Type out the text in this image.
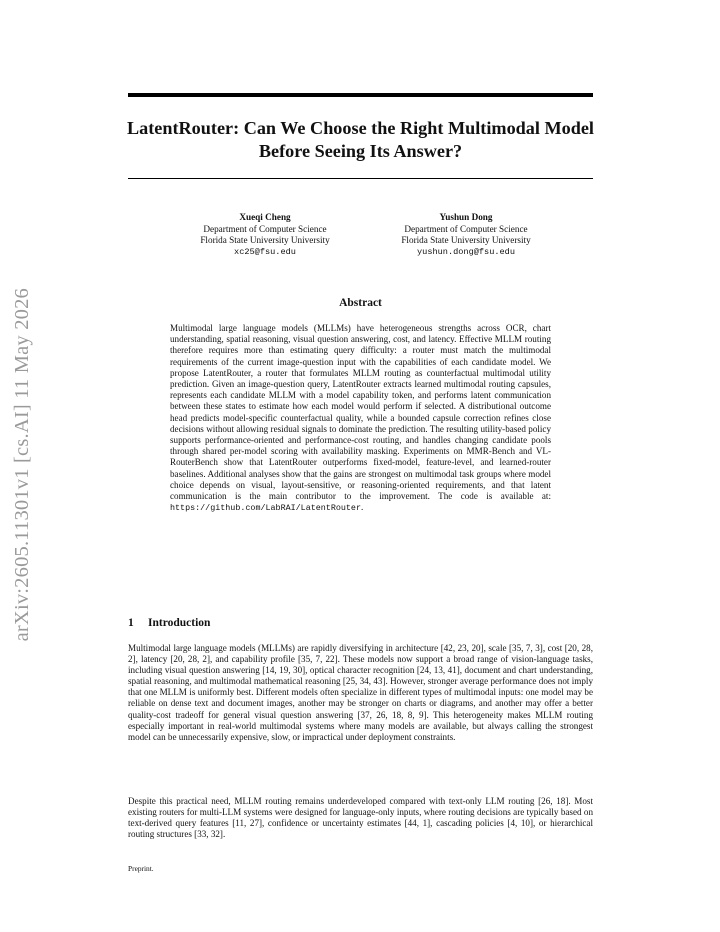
arXiv:2605.11301v1 [cs.AI] 11 May 2026
LatentRouter: Can We Choose the Right Multimodal Model Before Seeing Its Answer?
Xueqi Cheng
Department of Computer Science
Florida State University University
xc25@fsu.edu
Yushun Dong
Department of Computer Science
Florida State University University
yushun.dong@fsu.edu
Abstract

Multimodal large language models (MLLMs) have heterogeneous strengths across OCR, chart understanding, spatial reasoning, visual question answering, cost, and latency. Effective MLLM routing therefore requires more than estimating query difficulty: a router must match the multimodal requirements of the current image-question input with the capabilities of each candidate model. We propose LatentRouter, a router that formulates MLLM routing as counterfactual multimodal utility prediction. Given an image-question query, LatentRouter extracts learned multimodal routing capsules, represents each candidate MLLM with a model capability token, and performs latent communication between these states to estimate how each model would perform if selected. A distributional outcome head predicts model-specific counterfactual quality, while a bounded capsule correction refines close decisions without allowing residual signals to dominate the prediction. The resulting utility-based policy supports performance-oriented and performance-cost routing, and handles changing candidate pools through shared per-model scoring with availability masking. Experiments on MMR-Bench and VL-RouterBench show that LatentRouter outperforms fixed-model, feature-level, and learned-router baselines. Additional analyses show that the gains are strongest on multimodal task groups where model choice depends on visual, layout-sensitive, or reasoning-oriented requirements, and that latent communication is the main contributor to the improvement. The code is available at: https://github.com/LabRAI/LatentRouter.

1 Introduction

Multimodal large language models (MLLMs) are rapidly diversifying in architecture [42, 23, 20], scale [35, 7, 3], cost [20, 28, 2], latency [20, 28, 2], and capability profile [35, 7, 22]. These models now support a broad range of vision-language tasks, including visual question answering [14, 19, 30], optical character recognition [24, 13, 41], document and chart understanding, spatial reasoning, and multimodal mathematical reasoning [25, 34, 43]. However, stronger average performance does not imply that one MLLM is uniformly best. Different models often specialize in different types of multimodal inputs: one model may be reliable on dense text and document images, another may be stronger on charts or diagrams, and another may offer a better quality-cost tradeoff for general visual question answering [37, 26, 18, 8, 9]. This heterogeneity makes MLLM routing especially important in real-world multimodal systems where many models are available, but always calling the strongest model can be unnecessarily expensive, slow, or impractical under deployment constraints.

Despite this practical need, MLLM routing remains underdeveloped compared with text-only LLM routing [26, 18]. Most existing routers for multi-LLM systems were designed for language-only inputs, where routing decisions are typically based on text-derived query features [11, 27], confidence or uncertainty estimates [44, 1], cascading policies [4, 10], or hierarchical routing structures [33, 32].

Preprint.
